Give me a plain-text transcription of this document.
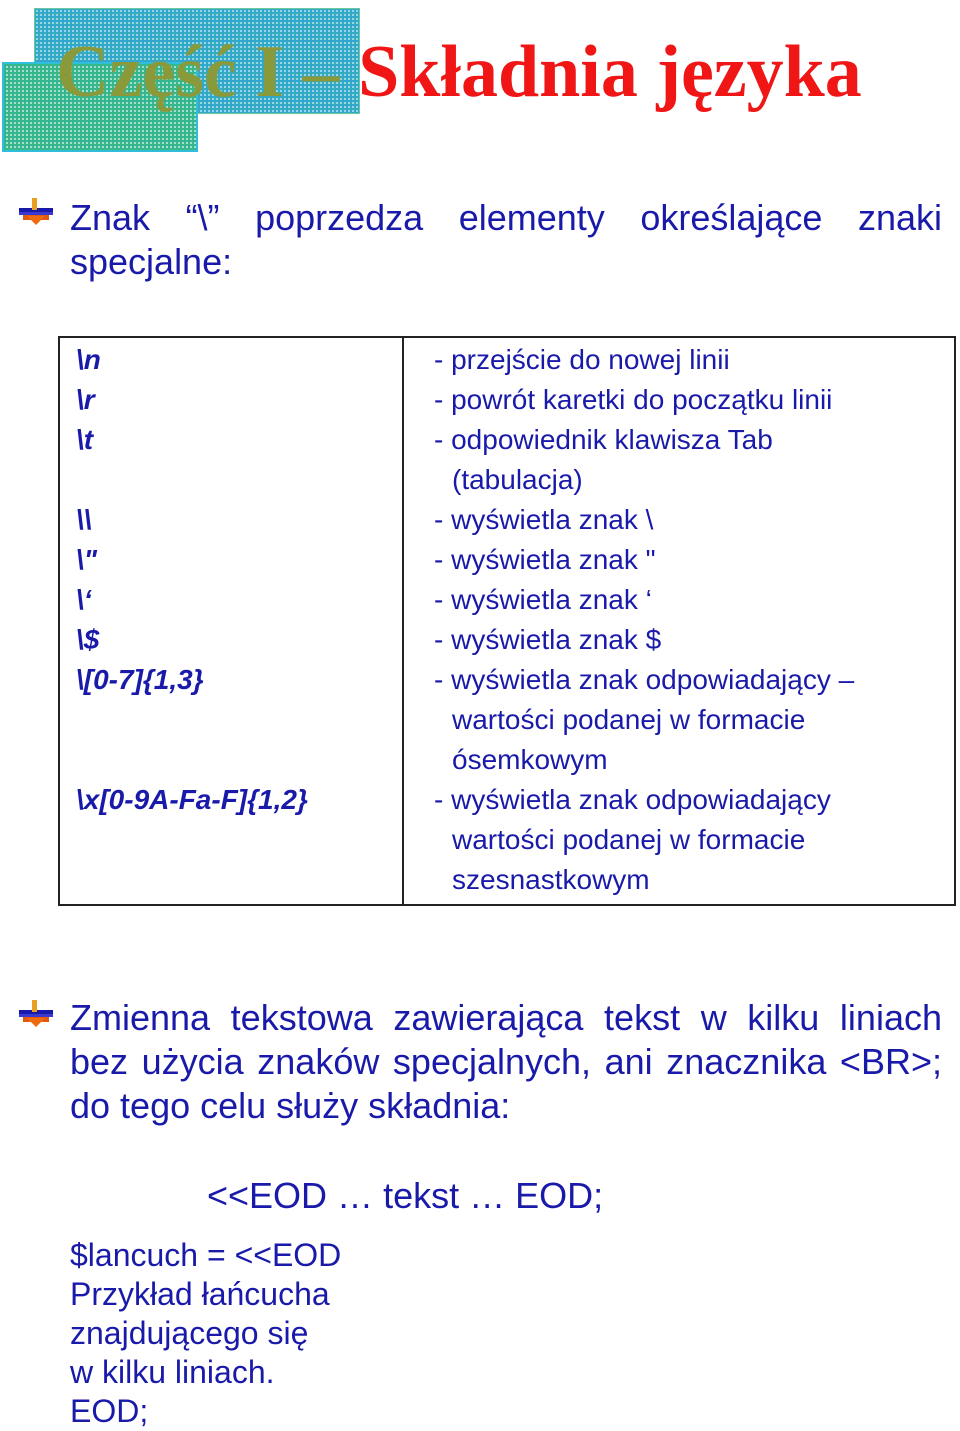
Część I – Składnia języka

Znak “\” poprzedza elementy określające znaki specjalne:

\n	- przejście do nowej linii

\r	- powrót karetki do początku linii

\t	- odpowiednik klawisza Tab
(tabulacja)

\\	- wyświetla znak \

\"	- wyświetla znak "

\‘	- wyświetla znak ‘

\$	- wyświetla znak $

\[0-7]{1,3}	- wyświetla znak odpowiadający –
wartości podanej w formacie
ósemkowym

\x[0-9A-Fa-F]{1,2}	- wyświetla znak odpowiadający
wartości podanej w formacie
szesnastkowym

Zmienna tekstowa zawierająca tekst w kilku liniach bez użycia znaków specjalnych, ani znacznika <BR>; do tego celu służy składnia:

<<EOD … tekst … EOD;

$lancuch = <<EOD
Przykład łańcucha
znajdującego się
w kilku liniach.
EOD;
